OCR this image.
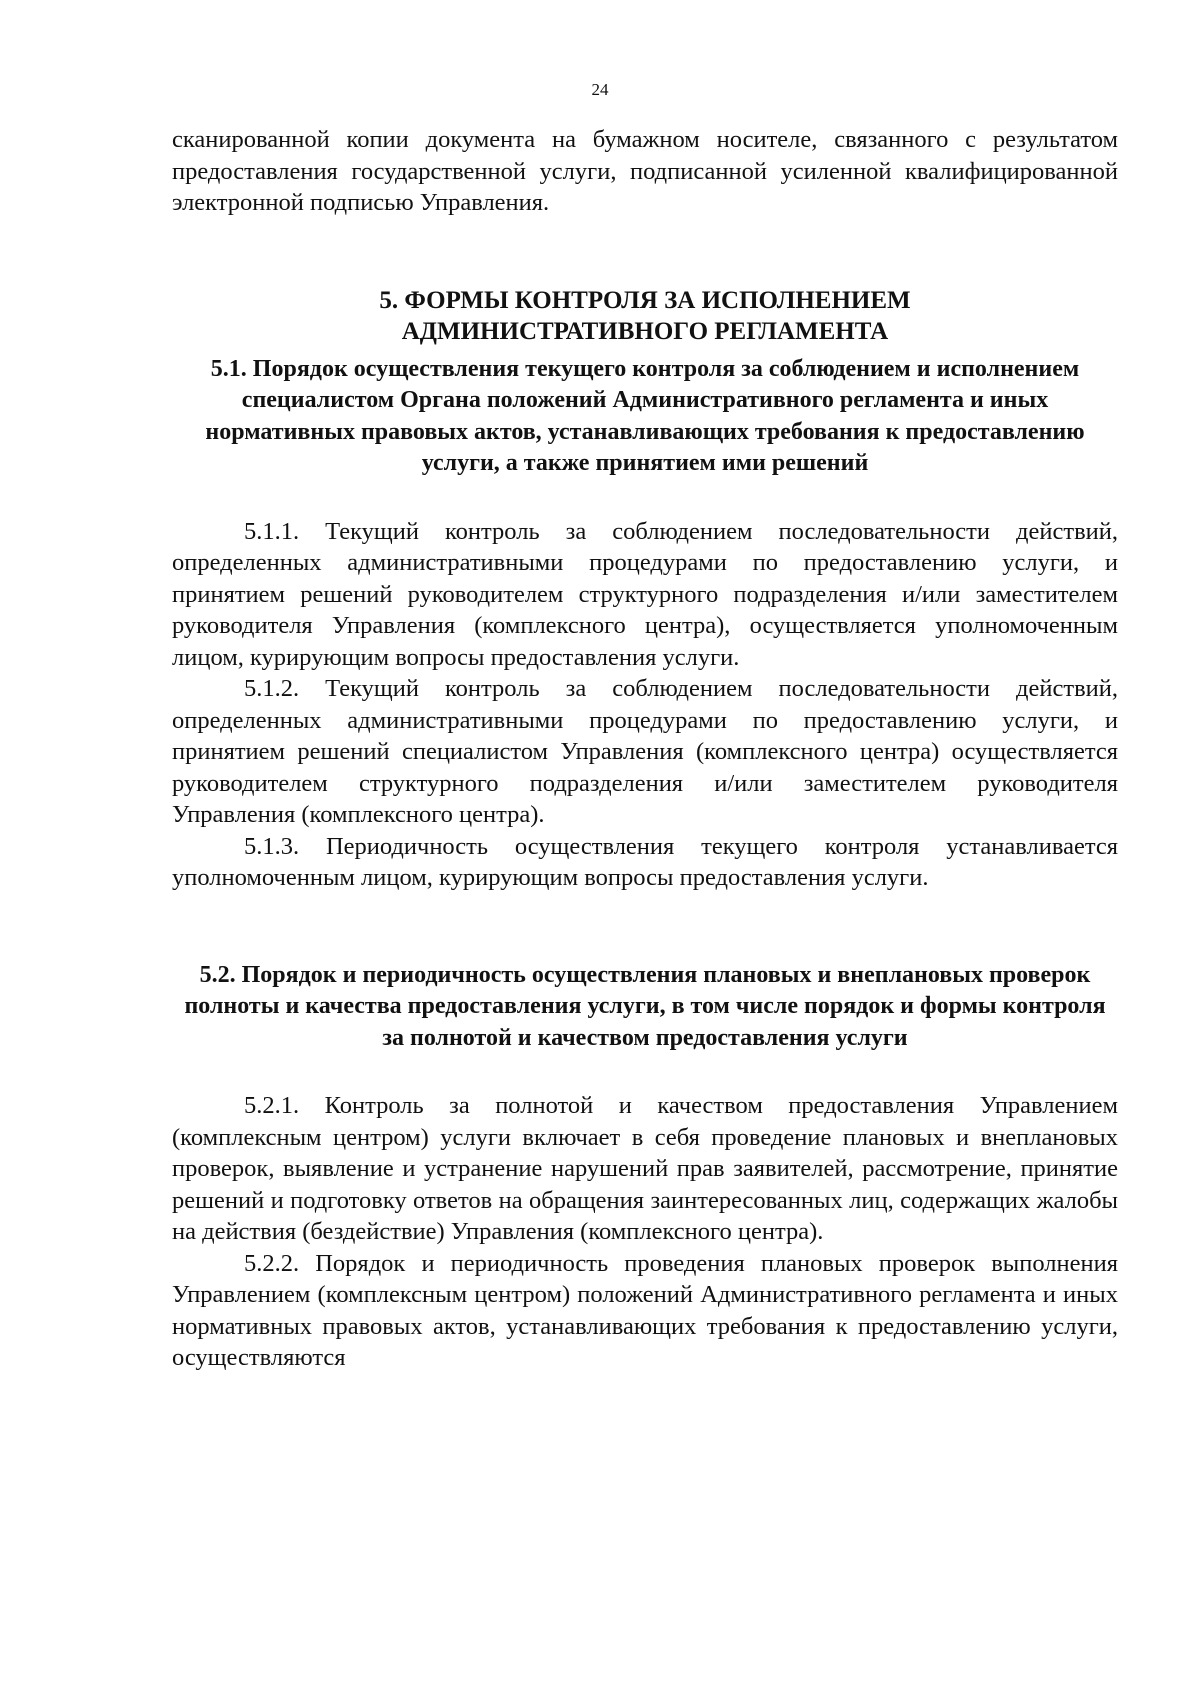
24

сканированной копии документа на бумажном носителе, связанного с результатом предоставления государственной услуги, подписанной усиленной квалифицированной электронной подписью Управления.

5. ФОРМЫ КОНТРОЛЯ ЗА ИСПОЛНЕНИЕМ

АДМИНИСТРАТИВНОГО РЕГЛАМЕНТА

5.1. Порядок осуществления текущего контроля за соблюдением и исполнением специалистом Органа положений Административного регламента и иных нормативных правовых актов, устанавливающих требования к предоставлению услуги, а также принятием ими решений

5.1.1. Текущий контроль за соблюдением последовательности действий, определенных административными процедурами по предоставлению услуги, и принятием решений руководителем структурного подразделения и/или заместителем руководителя Управления (комплексного центра), осуществляется уполномоченным лицом, курирующим вопросы предоставления услуги.

5.1.2. Текущий контроль за соблюдением последовательности действий, определенных административными процедурами по предоставлению услуги, и принятием решений специалистом Управления (комплексного центра) осуществляется руководителем структурного подразделения и/или заместителем руководителя Управления (комплексного центра).

5.1.3. Периодичность осуществления текущего контроля устанавливается уполномоченным лицом, курирующим вопросы предоставления услуги.

5.2. Порядок и периодичность осуществления плановых и внеплановых проверок полноты и качества предоставления услуги, в том числе порядок и формы контроля за полнотой и качеством предоставления услуги

5.2.1. Контроль за полнотой и качеством предоставления Управлением (комплексным центром) услуги включает в себя проведение плановых и внеплановых проверок, выявление и устранение нарушений прав заявителей, рассмотрение, принятие решений и подготовку ответов на обращения заинтересованных лиц, содержащих жалобы на действия (бездействие) Управления (комплексного центра).

5.2.2. Порядок и периодичность проведения плановых проверок выполнения Управлением (комплексным центром) положений Административного регламента и иных нормативных правовых актов, устанавливающих требования к предоставлению услуги, осуществляются
